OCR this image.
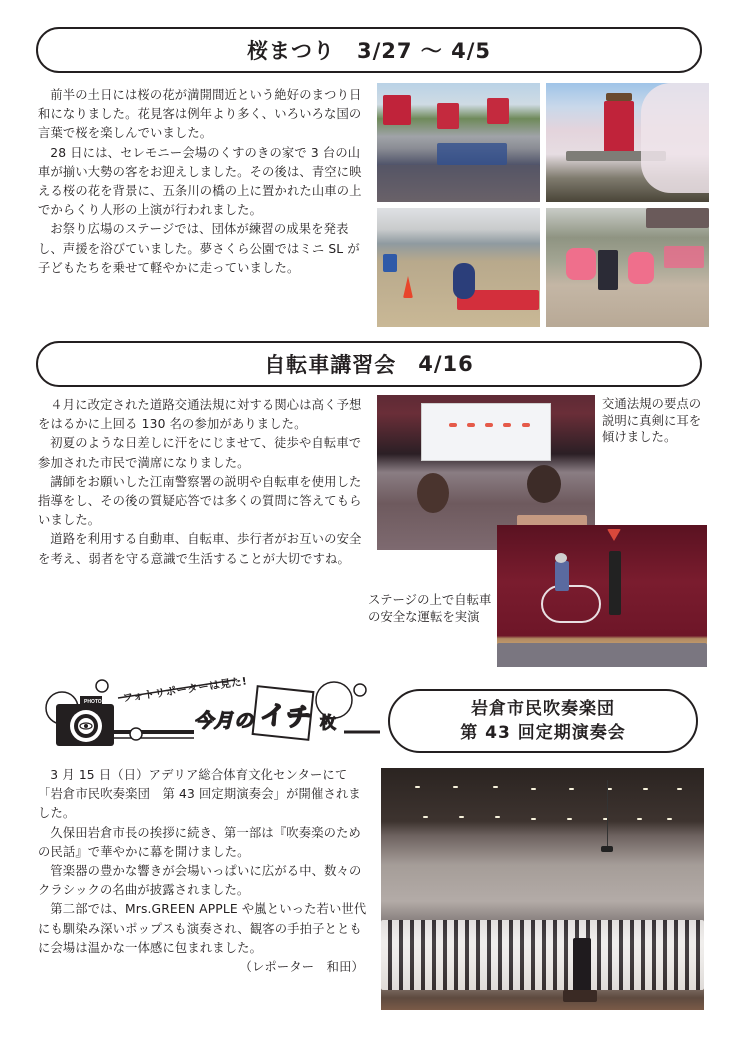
桜まつり 3/27 ～ 4/5

前半の土日には桜の花が満開間近という絶好のまつり日和になりました。花見客は例年より多く、いろいろな国の言葉で桜を楽しんでいました。

28 日には、セレモニー会場のくすのきの家で 3 台の山車が揃い大勢の客をお迎えしました。その後は、青空に映える桜の花を背景に、五条川の橋の上に置かれた山車の上でからくり人形の上演が行われました。

お祭り広場のステージでは、団体が練習の成果を発表し、声援を浴びていました。夢さくら公園ではミニ SL が子どもたちを乗せて軽やかに走っていました。

自転車講習会 4/16

４月に改定された道路交通法規に対する関心は高く予想をはるかに上回る 130 名の参加がありました。

初夏のような日差しに汗をにじませて、徒歩や自転車で参加された市民で満席になりました。

講師をお願いした江南警察署の説明や自転車を使用した指導をし、その後の質疑応答では多くの質問に答えてもらいました。

道路を利用する自動車、自転車、歩行者がお互いの安全を考え、弱者を守る意識で生活することが大切ですね。

交通法規の要点の説明に真剣に耳を傾けました。
ステージの上で自転車の安全な運転を実演
PHOTO フォトリポーターは見た!
今月の イチ 枚
岩倉市民吹奏楽団
第 43 回定期演奏会

3 月 15 日（日）アデリア総合体育文化センターにて「岩倉市民吹奏楽団　第 43 回定期演奏会」が開催されました。

久保田岩倉市長の挨拶に続き、第一部は『吹奏楽のための民話』で華やかに幕を開けました。

管楽器の豊かな響きが会場いっぱいに広がる中、数々のクラシックの名曲が披露されました。

第二部では、Mrs.GREEN APPLE や嵐といった若い世代にも馴染み深いポップスも演奏され、観客の手拍子とともに会場は温かな一体感に包まれました。

（レポーター　和田）
